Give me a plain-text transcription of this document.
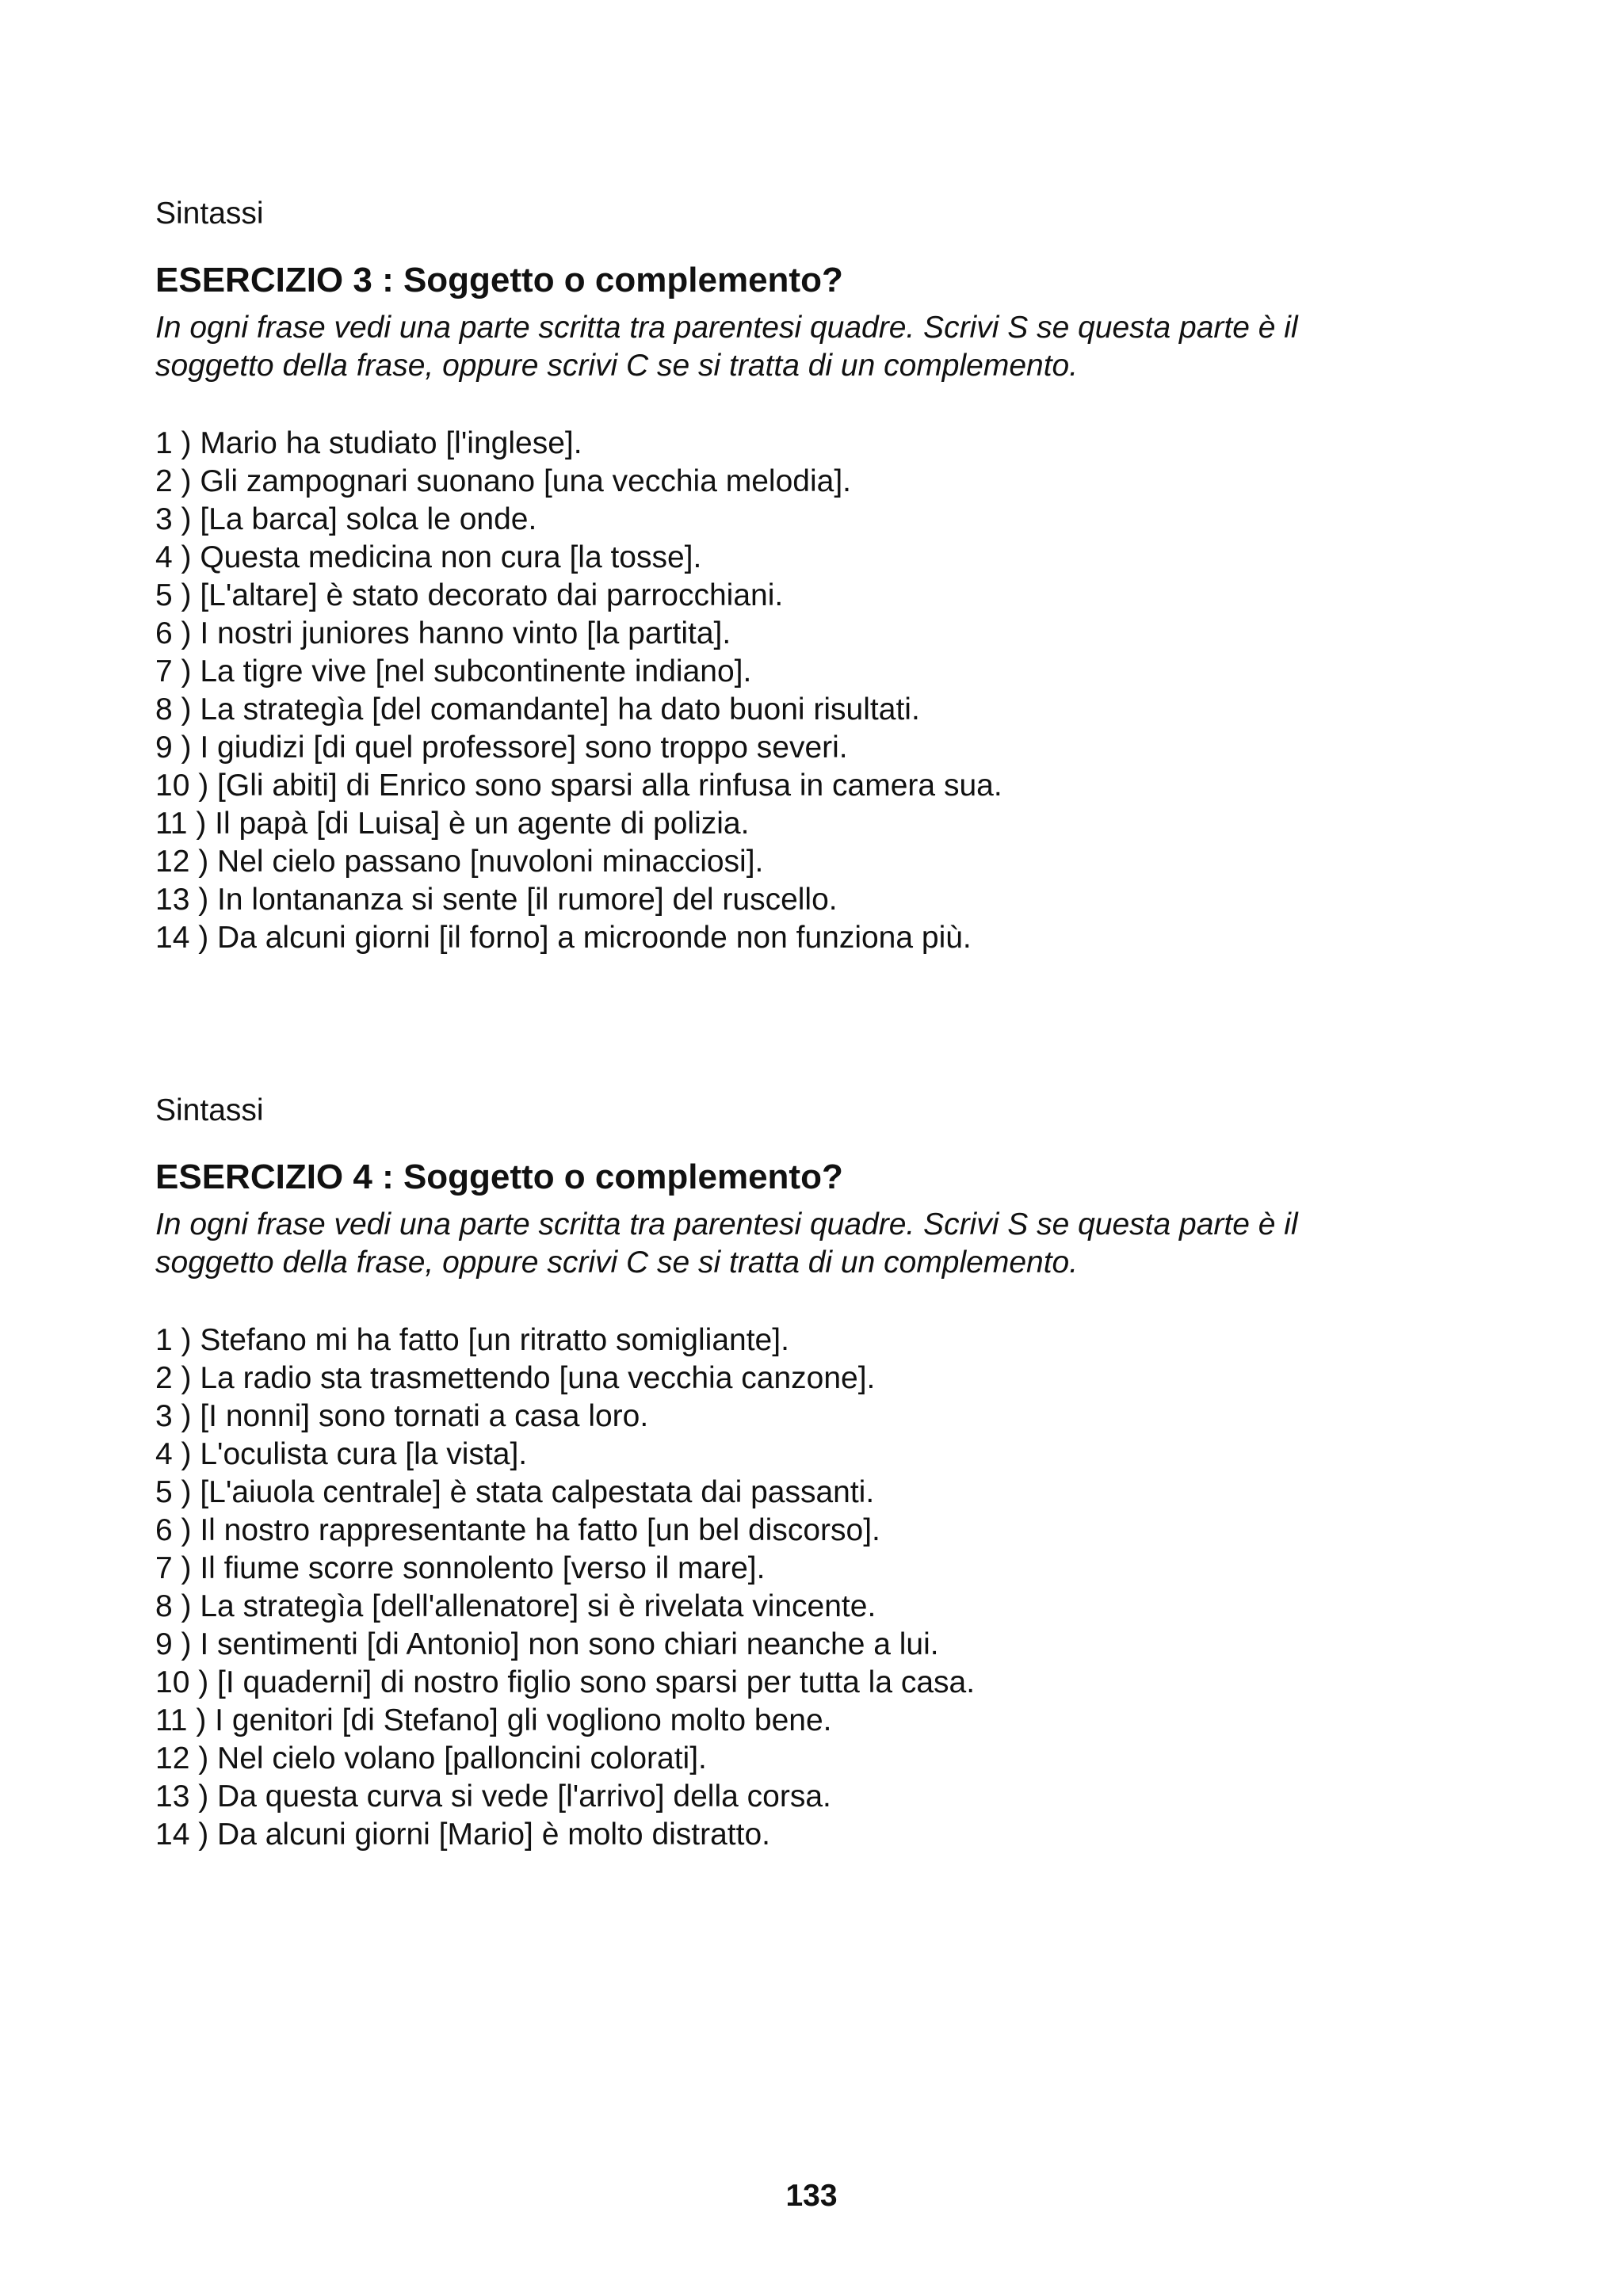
Sintassi
ESERCIZIO 3 : Soggetto o complemento?
In ogni frase vedi una parte scritta tra parentesi quadre. Scrivi S se questa parte è il
soggetto della frase, oppure scrivi C se si tratta di un complemento.
1 ) Mario ha studiato [l'inglese].
2 ) Gli zampognari suonano [una vecchia melodia].
3 ) [La barca] solca le onde.
4 ) Questa medicina non cura [la tosse].
5 ) [L'altare] è stato decorato dai parrocchiani.
6 ) I nostri juniores hanno vinto [la partita].
7 ) La tigre vive [nel subcontinente indiano].
8 ) La strategìa [del comandante] ha dato buoni risultati.
9 ) I giudizi [di quel professore] sono troppo severi.
10 ) [Gli abiti] di Enrico sono sparsi alla rinfusa in camera sua.
11 ) Il papà [di Luisa] è un agente di polizia.
12 ) Nel cielo passano [nuvoloni minacciosi].
13 ) In lontananza si sente [il rumore] del ruscello.
14 ) Da alcuni giorni [il forno] a microonde non funziona più.
Sintassi
ESERCIZIO 4 : Soggetto o complemento?
In ogni frase vedi una parte scritta tra parentesi quadre. Scrivi S se questa parte è il
soggetto della frase, oppure scrivi C se si tratta di un complemento.
1 ) Stefano mi ha fatto [un ritratto somigliante].
2 ) La radio sta trasmettendo [una vecchia canzone].
3 ) [I nonni] sono tornati a casa loro.
4 ) L'oculista cura [la vista].
5 ) [L'aiuola centrale] è stata calpestata dai passanti.
6 ) Il nostro rappresentante ha fatto [un bel discorso].
7 ) Il fiume scorre sonnolento [verso il mare].
8 ) La strategìa [dell'allenatore] si è rivelata vincente.
9 ) I sentimenti [di Antonio] non sono chiari neanche a lui.
10 ) [I quaderni] di nostro figlio sono sparsi per tutta la casa.
11 ) I genitori [di Stefano] gli vogliono molto bene.
12 ) Nel cielo volano [palloncini colorati].
13 ) Da questa curva si vede [l'arrivo] della corsa.
14 ) Da alcuni giorni [Mario] è molto distratto.
133
